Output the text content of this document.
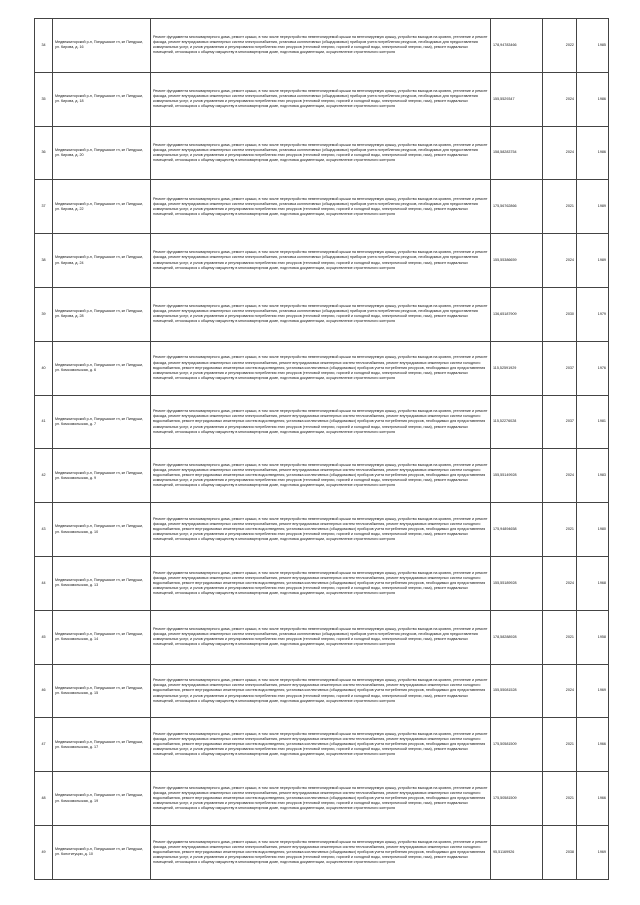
34	Медвежьегорский р-н, Пиндушское гп, кп Пиндуши, ул. Кирова, д. 16	Ремонт фундамента многоквартирного дома, ремонт крыши, в том числе переустройство невентилируемой крыши на вентилируемую крышу, устройство выходов на кровлю, утепление и ремонт фасада, ремонт внутридомовых инженерных систем электроснабжения, установка коллективных (общедомовых) приборов учета потребления ресурсов, необходимых для предоставления коммунальных услуг, и узлов управления и регулирования потребления этих ресурсов (тепловой энергии, горячей и холодной воды, электрической энергии, газа), ремонт подвальных помещений, относящихся к общему имуществу в многоквартирном доме, подготовка документации, осуществление строительного контроля	178,94783466	2022	1985
35	Медвежьегорский р-н, Пиндушское гп, кп Пиндуши, ул. Кирова, д. 18	Ремонт фундамента многоквартирного дома, ремонт крыши, в том числе переустройство невентилируемой крыши на вентилируемую крышу, устройство выходов на кровлю, утепление и ремонт фасада, ремонт внутридомовых инженерных систем электроснабжения, установка коллективных (общедомовых) приборов учета потребления ресурсов, необходимых для предоставления коммунальных услуг, и узлов управления и регулирования потребления этих ресурсов (тепловой энергии, горячей и холодной воды, электрической энергии, газа), ремонт подвальных помещений, относящихся к общему имуществу в многоквартирном доме, подготовка документации, осуществление строительного контроля	155,5529347	2024	1986
36	Медвежьегорский р-н, Пиндушское гп, кп Пиндуши, ул. Кирова, д. 20	Ремонт фундамента многоквартирного дома, ремонт крыши, в том числе переустройство невентилируемой крыши на вентилируемую крышу, устройство выходов на кровлю, утепление и ремонт фасада, ремонт внутридомовых инженерных систем электроснабжения, установка коллективных (общедомовых) приборов учета потребления ресурсов, необходимых для предоставления коммунальных услуг, и узлов управления и регулирования потребления этих ресурсов (тепловой энергии, горячей и холодной воды, электрической энергии, газа), ремонт подвальных помещений, относящихся к общему имуществу в многоквартирном доме, подготовка документации, осуществление строительного контроля	158,58283754	2024	1986
37	Медвежьегорский р-н, Пиндушское гп, кп Пиндуши, ул. Кирова, д. 22	Ремонт фундамента многоквартирного дома, ремонт крыши, в том числе переустройство невентилируемой крыши на вентилируемую крышу, устройство выходов на кровлю, утепление и ремонт фасада, ремонт внутридомовых инженерных систем электроснабжения, установка коллективных (общедомовых) приборов учета потребления ресурсов, необходимых для предоставления коммунальных услуг, и узлов управления и регулирования потребления этих ресурсов (тепловой энергии, горячей и холодной воды, электрической энергии, газа), ремонт подвальных помещений, относящихся к общему имуществу в многоквартирном доме, подготовка документации, осуществление строительного контроля	175,56762866	2021	1989
38	Медвежьегорский р-н, Пиндушское гп, кп Пиндуши, ул. Кирова, д. 24	Ремонт фундамента многоквартирного дома, ремонт крыши, в том числе переустройство невентилируемой крыши на вентилируемую крышу, устройство выходов на кровлю, утепление и ремонт фасада, ремонт внутридомовых инженерных систем электроснабжения, установка коллективных (общедомовых) приборов учета потребления ресурсов, необходимых для предоставления коммунальных услуг, и узлов управления и регулирования потребления этих ресурсов (тепловой энергии, горячей и холодной воды, электрической энергии, газа), ремонт подвальных помещений, относящихся к общему имуществу в многоквартирном доме, подготовка документации, осуществление строительного контроля	155,55386659	2024	1989
39	Медвежьегорский р-н, Пиндушское гп, кп Пиндуши, ул. Кирова, д. 28	Ремонт фундамента многоквартирного дома, ремонт крыши, в том числе переустройство невентилируемой крыши на вентилируемую крышу, устройство выходов на кровлю, утепление и ремонт фасада, ремонт внутридомовых инженерных систем электроснабжения, установка коллективных (общедомовых) приборов учета потребления ресурсов, необходимых для предоставления коммунальных услуг, и узлов управления и регулирования потребления этих ресурсов (тепловой энергии, горячей и холодной воды, электрической энергии, газа), ремонт подвальных помещений, относящихся к общему имуществу в многоквартирном доме, подготовка документации, осуществление строительного контроля	136,65187909	2030	1979
40	Медвежьегорский р-н, Пиндушское гп, кп Пиндуши, ул. Комсомольская, д. 6	Ремонт фундамента многоквартирного дома, ремонт крыши, в том числе переустройство невентилируемой крыши на вентилируемую крышу, устройство выходов на кровлю, утепление и ремонт фасада, ремонт внутридомовых инженерных систем электроснабжения, ремонт внутридомовых инженерных систем теплоснабжения, ремонт внутридомовых инженерных систем холодного водоснабжения, ремонт внутридомовых инженерных систем водоотведения, установка коллективных (общедомовых) приборов учета потребления ресурсов, необходимых для предоставления коммунальных услуг, и узлов управления и регулирования потребления этих ресурсов (тепловой энергии, горячей и холодной воды, электрической энергии, газа), ремонт подвальных помещений, относящихся к общему имуществу в многоквартирном доме, подготовка документации, осуществление строительного контроля	115,52591929	2037	1976
41	Медвежьегорский р-н, Пиндушское гп, кп Пиндуши, ул. Комсомольская, д. 7	Ремонт фундамента многоквартирного дома, ремонт крыши, в том числе переустройство невентилируемой крыши на вентилируемую крышу, устройство выходов на кровлю, утепление и ремонт фасада, ремонт внутридомовых инженерных систем электроснабжения, ремонт внутридомовых инженерных систем теплоснабжения, ремонт внутридомовых инженерных систем холодного водоснабжения, ремонт внутридомовых инженерных систем водоотведения, установка коллективных (общедомовых) приборов учета потребления ресурсов, необходимых для предоставления коммунальных услуг, и узлов управления и регулирования потребления этих ресурсов (тепловой энергии, горячей и холодной воды, электрической энергии, газа), ремонт подвальных помещений, относящихся к общему имуществу в многоквартирном доме, подготовка документации, осуществление строительного контроля	115,52276028	2037	1981
42	Медвежьегорский р-н, Пиндушское гп, кп Пиндуши, ул. Комсомольская, д. 9	Ремонт фундамента многоквартирного дома, ремонт крыши, в том числе переустройство невентилируемой крыши на вентилируемую крышу, устройство выходов на кровлю, утепление и ремонт фасада, ремонт внутридомовых инженерных систем электроснабжения, ремонт внутридомовых инженерных систем теплоснабжения, ремонт внутридомовых инженерных систем холодного водоснабжения, ремонт внутридомовых инженерных систем водоотведения, установка коллективных (общедомовых) приборов учета потребления ресурсов, необходимых для предоставления коммунальных услуг, и узлов управления и регулирования потребления этих ресурсов (тепловой энергии, горячей и холодной воды, электрической энергии, газа), ремонт подвальных помещений, относящихся к общему имуществу в многоквартирном доме, подготовка документации, осуществление строительного контроля	155,55149928	2024	1983
43	Медвежьегорский р-н, Пиндушское гп, кп Пиндуши, ул. Комсомольская, д. 10	Ремонт фундамента многоквартирного дома, ремонт крыши, в том числе переустройство невентилируемой крыши на вентилируемую крышу, устройство выходов на кровлю, утепление и ремонт фасада, ремонт внутридомовых инженерных систем электроснабжения, ремонт внутридомовых инженерных систем теплоснабжения, ремонт внутридомовых инженерных систем холодного водоснабжения, ремонт внутридомовых инженерных систем водоотведения, установка коллективных (общедомовых) приборов учета потребления ресурсов, необходимых для предоставления коммунальных услуг, и узлов управления и регулирования потребления этих ресурсов (тепловой энергии, горячей и холодной воды, электрической энергии, газа), ремонт подвальных помещений, относящихся к общему имуществу в многоквартирном доме, подготовка документации, осуществление строительного контроля	175,94894658	2021	1980
44	Медвежьегорский р-н, Пиндушское гп, кп Пиндуши, ул. Комсомольская, д. 13	Ремонт фундамента многоквартирного дома, ремонт крыши, в том числе переустройство невентилируемой крыши на вентилируемую крышу, устройство выходов на кровлю, утепление и ремонт фасада, ремонт внутридомовых инженерных систем электроснабжения, ремонт внутридомовых инженерных систем теплоснабжения, ремонт внутридомовых инженерных систем холодного водоснабжения, ремонт внутридомовых инженерных систем водоотведения, установка коллективных (общедомовых) приборов учета потребления ресурсов, необходимых для предоставления коммунальных услуг, и узлов управления и регулирования потребления этих ресурсов (тепловой энергии, горячей и холодной воды, электрической энергии, газа), ремонт подвальных помещений, относящихся к общему имуществу в многоквартирном доме, подготовка документации, осуществление строительного контроля	155,55189928	2024	1968
45	Медвежьегорский р-н, Пиндушское гп, кп Пиндуши, ул. Комсомольская, д. 14	Ремонт фундамента многоквартирного дома, ремонт крыши, в том числе переустройство невентилируемой крыши на вентилируемую крышу, устройство выходов на кровлю, утепление и ремонт фасада, ремонт внутридомовых инженерных систем электроснабжения, установка коллективных (общедомовых) приборов учета потребления ресурсов, необходимых для предоставления коммунальных услуг, и узлов управления и регулирования потребления этих ресурсов (тепловой энергии, горячей и холодной воды, электрической энергии, газа), ремонт подвальных помещений, относящихся к общему имуществу в многоквартирном доме, подготовка документации, осуществление строительного контроля	178,58288928	2021	1958
46	Медвежьегорский р-н, Пиндушское гп, кп Пиндуши, ул. Комсомольская, д. 15	Ремонт фундамента многоквартирного дома, ремонт крыши, в том числе переустройство невентилируемой крыши на вентилируемую крышу, устройство выходов на кровлю, утепление и ремонт фасада, ремонт внутридомовых инженерных систем электроснабжения, ремонт внутридомовых инженерных систем теплоснабжения, ремонт внутридомовых инженерных систем холодного водоснабжения, ремонт внутридомовых инженерных систем водоотведения, установка коллективных (общедомовых) приборов учета потребления ресурсов, необходимых для предоставления коммунальных услуг, и узлов управления и регулирования потребления этих ресурсов (тепловой энергии, горячей и холодной воды, электрической энергии, газа), ремонт подвальных помещений, относящихся к общему имуществу в многоквартирном доме, подготовка документации, осуществление строительного контроля	155,55081528	2024	1969
47	Медвежьегорский р-н, Пиндушское гп, кп Пиндуши, ул. Комсомольская, д. 17	Ремонт фундамента многоквартирного дома, ремонт крыши, в том числе переустройство невентилируемой крыши на вентилируемую крышу, устройство выходов на кровлю, утепление и ремонт фасада, ремонт внутридомовых инженерных систем электроснабжения, ремонт внутридомовых инженерных систем теплоснабжения, ремонт внутридомовых инженерных систем холодного водоснабжения, ремонт внутридомовых инженерных систем водоотведения, установка коллективных (общедомовых) приборов учета потребления ресурсов, необходимых для предоставления коммунальных услуг, и узлов управления и регулирования потребления этих ресурсов (тепловой энергии, горячей и холодной воды, электрической энергии, газа), ремонт подвальных помещений, относящихся к общему имуществу в многоквартирном доме, подготовка документации, осуществление строительного контроля	175,50581509	2021	1966
48	Медвежьегорский р-н, Пиндушское гп, кп Пиндуши, ул. Комсомольская, д. 19	Ремонт фундамента многоквартирного дома, ремонт крыши, в том числе переустройство невентилируемой крыши на вентилируемую крышу, устройство выходов на кровлю, утепление и ремонт фасада, ремонт внутридомовых инженерных систем электроснабжения, ремонт внутридомовых инженерных систем теплоснабжения, ремонт внутридомовых инженерных систем холодного водоснабжения, ремонт внутридомовых инженерных систем водоотведения, установка коллективных (общедомовых) приборов учета потребления ресурсов, необходимых для предоставления коммунальных услуг, и узлов управления и регулирования потребления этих ресурсов (тепловой энергии, горячей и холодной воды, электрической энергии, газа), ремонт подвальных помещений, относящихся к общему имуществу в многоквартирном доме, подготовка документации, осуществление строительного контроля	175,50581509	2021	1966
49	Медвежьегорский р-н, Пиндушское гп, кп Пиндуши, ул. Конституции, д. 10	Ремонт фундамента многоквартирного дома, ремонт крыши, в том числе переустройство невентилируемой крыши на вентилируемую крышу, устройство выходов на кровлю, утепление и ремонт фасада, ремонт внутридомовых инженерных систем электроснабжения, ремонт внутридомовых инженерных систем теплоснабжения, ремонт внутридомовых инженерных систем холодного водоснабжения, ремонт внутридомовых инженерных систем водоотведения, установка коллективных (общедомовых) приборов учета потребления ресурсов, необходимых для предоставления коммунальных услуг, и узлов управления и регулирования потребления этих ресурсов (тепловой энергии, горячей и холодной воды, электрической энергии, газа), ремонт подвальных помещений, относящихся к общему имуществу в многоквартирном доме, подготовка документации, осуществление строительного контроля	95,51169926	2038	1969
